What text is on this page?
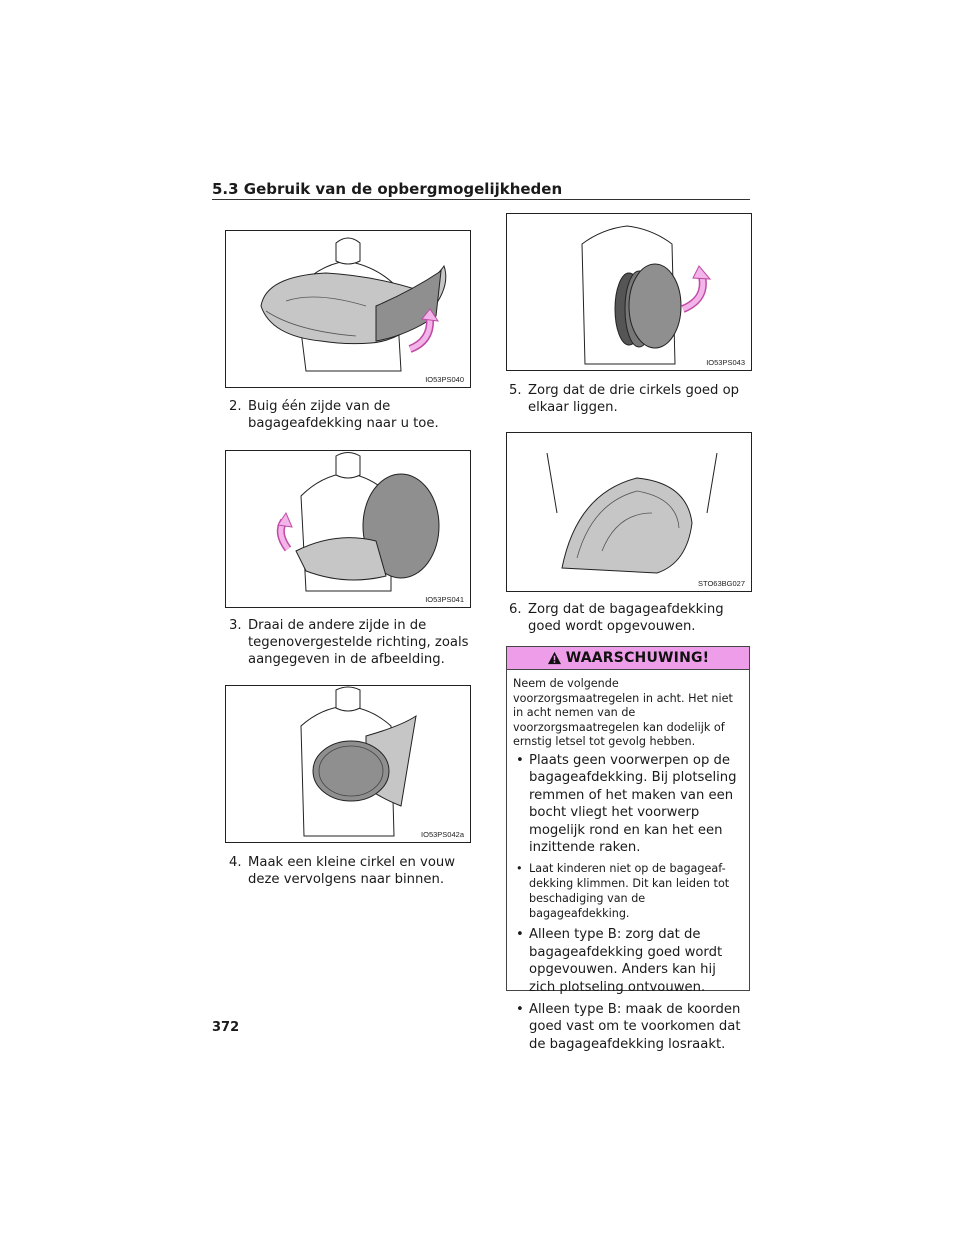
5.3 Gebruik van de opbergmogelijkheden
IO53PS040
2. Buig één zijde van de bagageafdekking naar u toe.
IO53PS041
3. Draai de andere zijde in de tegenovergestelde richting, zoals aangegeven in de afbeelding.
IO53PS042a
4. Maak een kleine cirkel en vouw deze vervolgens naar binnen.
IO53PS043
5. Zorg dat de drie cirkels goed op elkaar liggen.
STO63BG027
6. Zorg dat de bagageafdekking goed wordt opgevouwen.
WAARSCHUWING!

Neem de volgende voorzorgsmaatregelen in acht. Het niet in acht nemen van de voorzorgsmaatregelen kan dodelijk of ernstig letsel tot gevolg hebben.

• Plaats geen voorwerpen op de bagageafdekking. Bij plotseling remmen of het maken van een bocht vliegt het voorwerp mogelijk rond en kan het een inzittende raken.
• Laat kinderen niet op de bagageaf-dekking klimmen. Dit kan leiden tot beschadiging van de bagageafdekking.
• Alleen type B: zorg dat de bagageafdekking goed wordt opgevouwen. Anders kan hij zich plotseling ontvouwen.
• Alleen type B: maak de koorden goed vast om te voorkomen dat de bagageafdekking losraakt.
372
